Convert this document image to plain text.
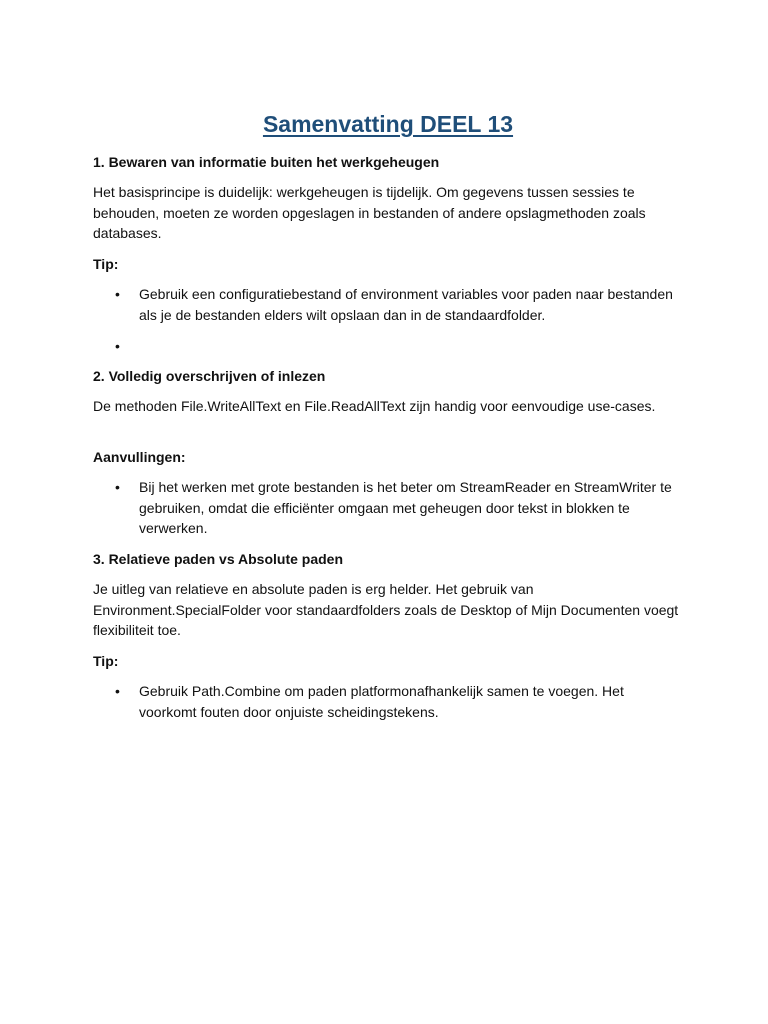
Samenvatting DEEL 13
1. Bewaren van informatie buiten het werkgeheugen

Het basisprincipe is duidelijk: werkgeheugen is tijdelijk. Om gegevens tussen sessies te behouden, moeten ze worden opgeslagen in bestanden of andere opslagmethoden zoals databases.

Tip:
• Gebruik een configuratiebestand of environment variables voor paden naar bestanden als je de bestanden elders wilt opslaan dan in de standaardfolder.
•
2. Volledig overschrijven of inlezen

De methoden File.WriteAllText en File.ReadAllText zijn handig voor eenvoudige use-cases.

Aanvullingen:
• Bij het werken met grote bestanden is het beter om StreamReader en StreamWriter te gebruiken, omdat die efficiënter omgaan met geheugen door tekst in blokken te verwerken.
3. Relatieve paden vs Absolute paden

Je uitleg van relatieve en absolute paden is erg helder. Het gebruik van Environment.SpecialFolder voor standaardfolders zoals de Desktop of Mijn Documenten voegt flexibiliteit toe.

Tip:
• Gebruik Path.Combine om paden platformonafhankelijk samen te voegen. Het voorkomt fouten door onjuiste scheidingstekens.
